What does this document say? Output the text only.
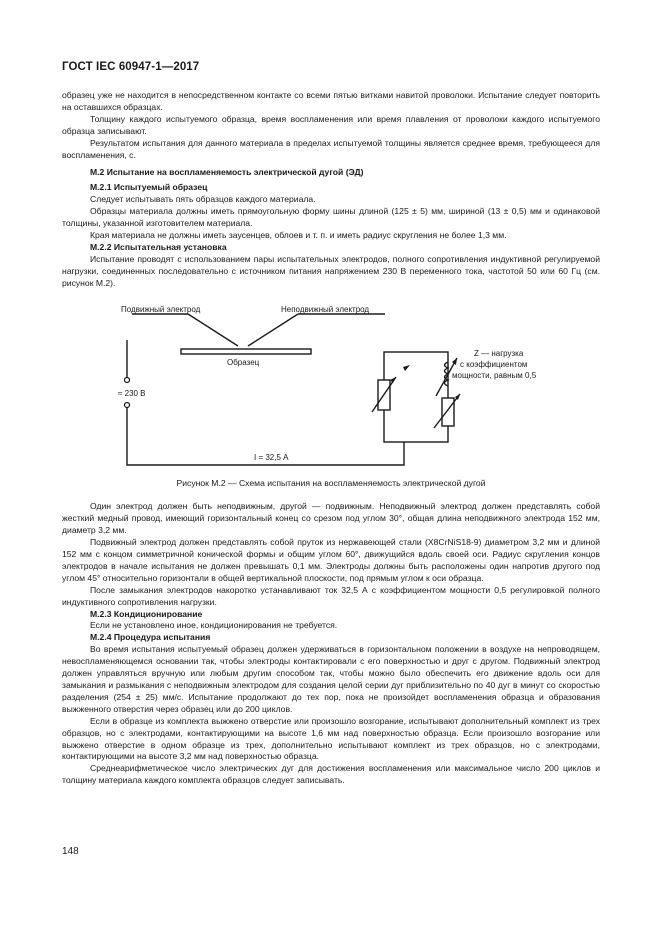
ГОСТ IEC 60947-1—2017

образец уже не находится в непосредственном контакте со всеми пятью витками навитой проволоки. Испытание следует повторить на оставшихся образцах.

Толщину каждого испытуемого образца, время воспламенения или время плавления от проволоки каждого испытуемого образца записывают.

Результатом испытания для данного материала в пределах испытуемой толщины является среднее время, требующееся для воспламенения, с.

М.2 Испытание на воспламеняемость электрической дугой (ЭД)

М.2.1 Испытуемый образец

Следует испытывать пять образцов каждого материала.

Образцы материала должны иметь прямоугольную форму шины длиной (125 ± 5) мм, шириной (13 ± 0,5) мм и одинаковой толщины, указанной изготовителем материала.

Края материала не должны иметь заусенцев, облоев и т. п. и иметь радиус скругления не более 1,3 мм.

М.2.2 Испытательная установка

Испытание проводят с использованием пары испытательных электродов, полного сопротивления индуктивной регулируемой нагрузки, соединенных последовательно с источником питания напряжением 230 В переменного тока, частотой 50 или 60 Гц (см. рисунок М.2).

Подвижный электрод	Неподвижный электрод
Образец
≈ 230 В
I = 32,5 А
Z — нагрузка
с коэффициентом
мощности, равным 0,5

Рисунок М.2 — Схема испытания на воспламеняемость электрической дугой

Один электрод должен быть неподвижным, другой — подвижным. Неподвижный электрод должен представлять собой жесткий медный провод, имеющий горизонтальный конец со срезом под углом 30°, общая длина неподвижного электрода 152 мм, диаметр 3,2 мм.

Подвижный электрод должен представлять собой пруток из нержавеющей стали (X8CrNiS18-9) диаметром 3,2 мм и длиной 152 мм с концом симметричной конической формы и общим углом 60°, движущийся вдоль своей оси. Радиус скругления концов электродов в начале испытания не должен превышать 0,1 мм. Электроды должны быть расположены один напротив другого под углом 45° относительно горизонтали в общей вертикальной плоскости, под прямым углом к оси образца.

После замыкания электродов накоротко устанавливают ток 32,5 А с коэффициентом мощности 0,5 регулировкой полного индуктивного сопротивления нагрузки.

М.2.3 Кондиционирование

Если не установлено иное, кондиционирования не требуется.

М.2.4 Процедура испытания

Во время испытания испытуемый образец должен удерживаться в горизонтальном положении в воздухе на непроводящем, невоспламеняющемся основании так, чтобы электроды контактировали с его поверхностью и друг с другом. Подвижный электрод должен управляться вручную или любым другим способом так, чтобы можно было обеспечить его движение вдоль оси для замыкания и размыкания с неподвижным электродом для создания целой серии дуг приблизительно по 40 дуг в минут со скоростью разделения (254 ± 25) мм/с. Испытание продолжают до тех пор, пока не произойдет воспламенения образца и образования выжженного отверстия через образец или до 200 циклов.

Если в образце из комплекта выжжено отверстие или произошло возгорание, испытывают дополнительный комплект из трех образцов, но с электродами, контактирующими на высоте 1,6 мм над поверхностью образца. Если произошло возгорание или выжжено отверстие в одном образце из трех, дополнительно испытывают комплект из трех образцов, но с электродами, контактирующими на высоте 3,2 мм над поверхностью образца.

Среднеарифметическое число электрических дуг для достижения воспламенения или максимальное число 200 циклов и толщину материала каждого комплекта образцов следует записывать.

148
